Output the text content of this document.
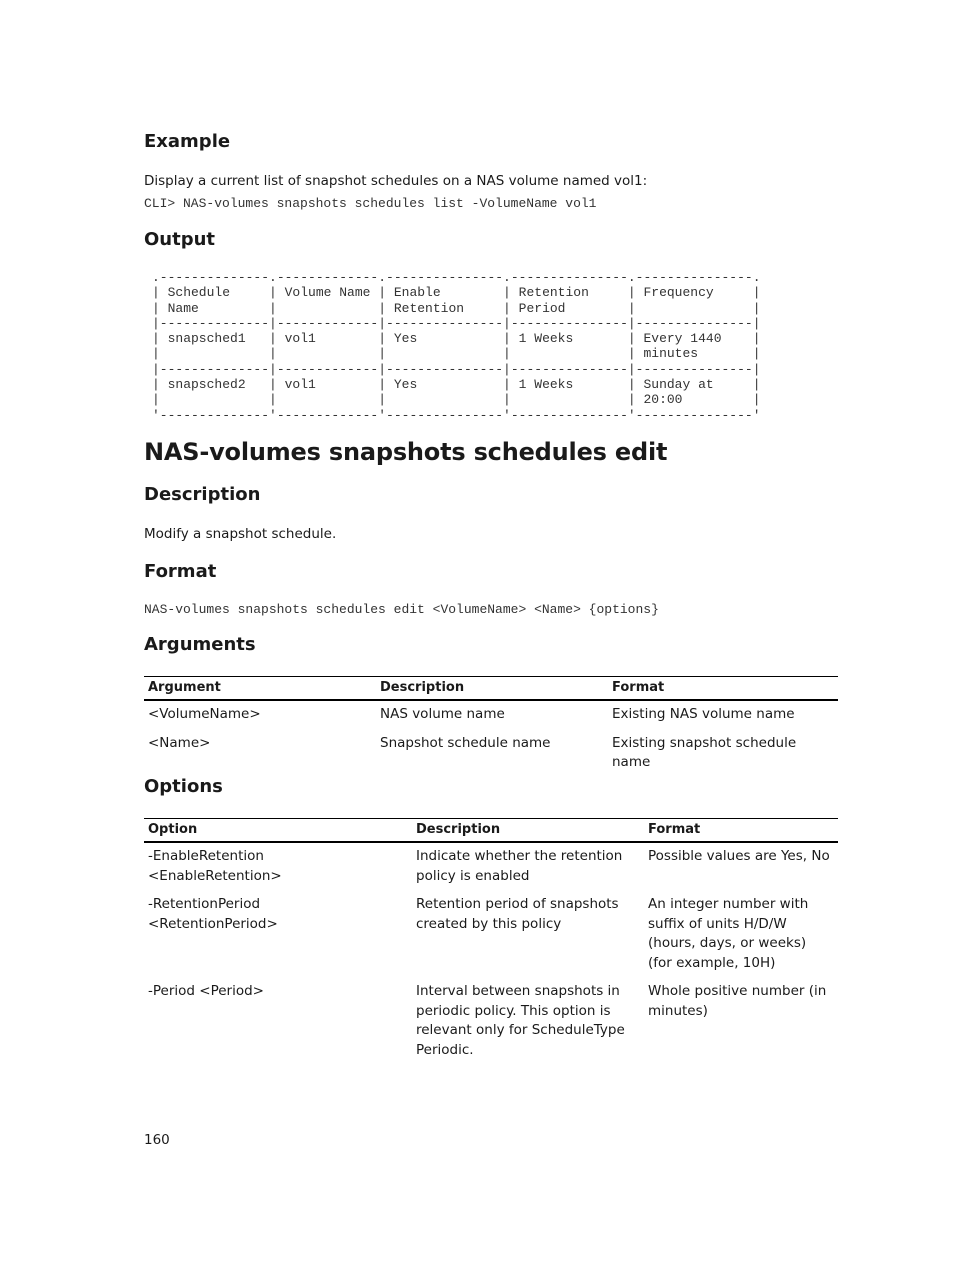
Example

Display a current list of snapshot schedules on a NAS volume named vol1:

CLI> NAS-volumes snapshots schedules list -VolumeName vol1
Output
.--------------.-------------.---------------.---------------.---------------.
| Schedule     | Volume Name | Enable        | Retention     | Frequency     |
| Name         |             | Retention     | Period        |               |
|--------------|-------------|---------------|---------------|---------------|
| snapsched1   | vol1        | Yes           | 1 Weeks       | Every 1440    |
|              |             |               |               | minutes       |
|--------------|-------------|---------------|---------------|---------------|
| snapsched2   | vol1        | Yes           | 1 Weeks       | Sunday at     |
|              |             |               |               | 20:00         |
'--------------'-------------'---------------'---------------'---------------'
NAS-volumes snapshots schedules edit
Description

Modify a snapshot schedule.

Format
NAS-volumes snapshots schedules edit <VolumeName> <Name> {options}
Arguments
Argument	Description	Format
<VolumeName>	NAS volume name	Existing NAS volume name
<Name>	Snapshot schedule name	Existing snapshot schedule name
Options
Option	Description	Format
-EnableRetention <EnableRetention>	Indicate whether the retention policy is enabled	Possible values are Yes, No
-RetentionPeriod <RetentionPeriod>	Retention period of snapshots created by this policy	An integer number with suffix of units H/D/W (hours, days, or weeks) (for example, 10H)
-Period <Period>	Interval between snapshots in periodic policy. This option is relevant only for ScheduleType Periodic.	Whole positive number (in minutes)
160
